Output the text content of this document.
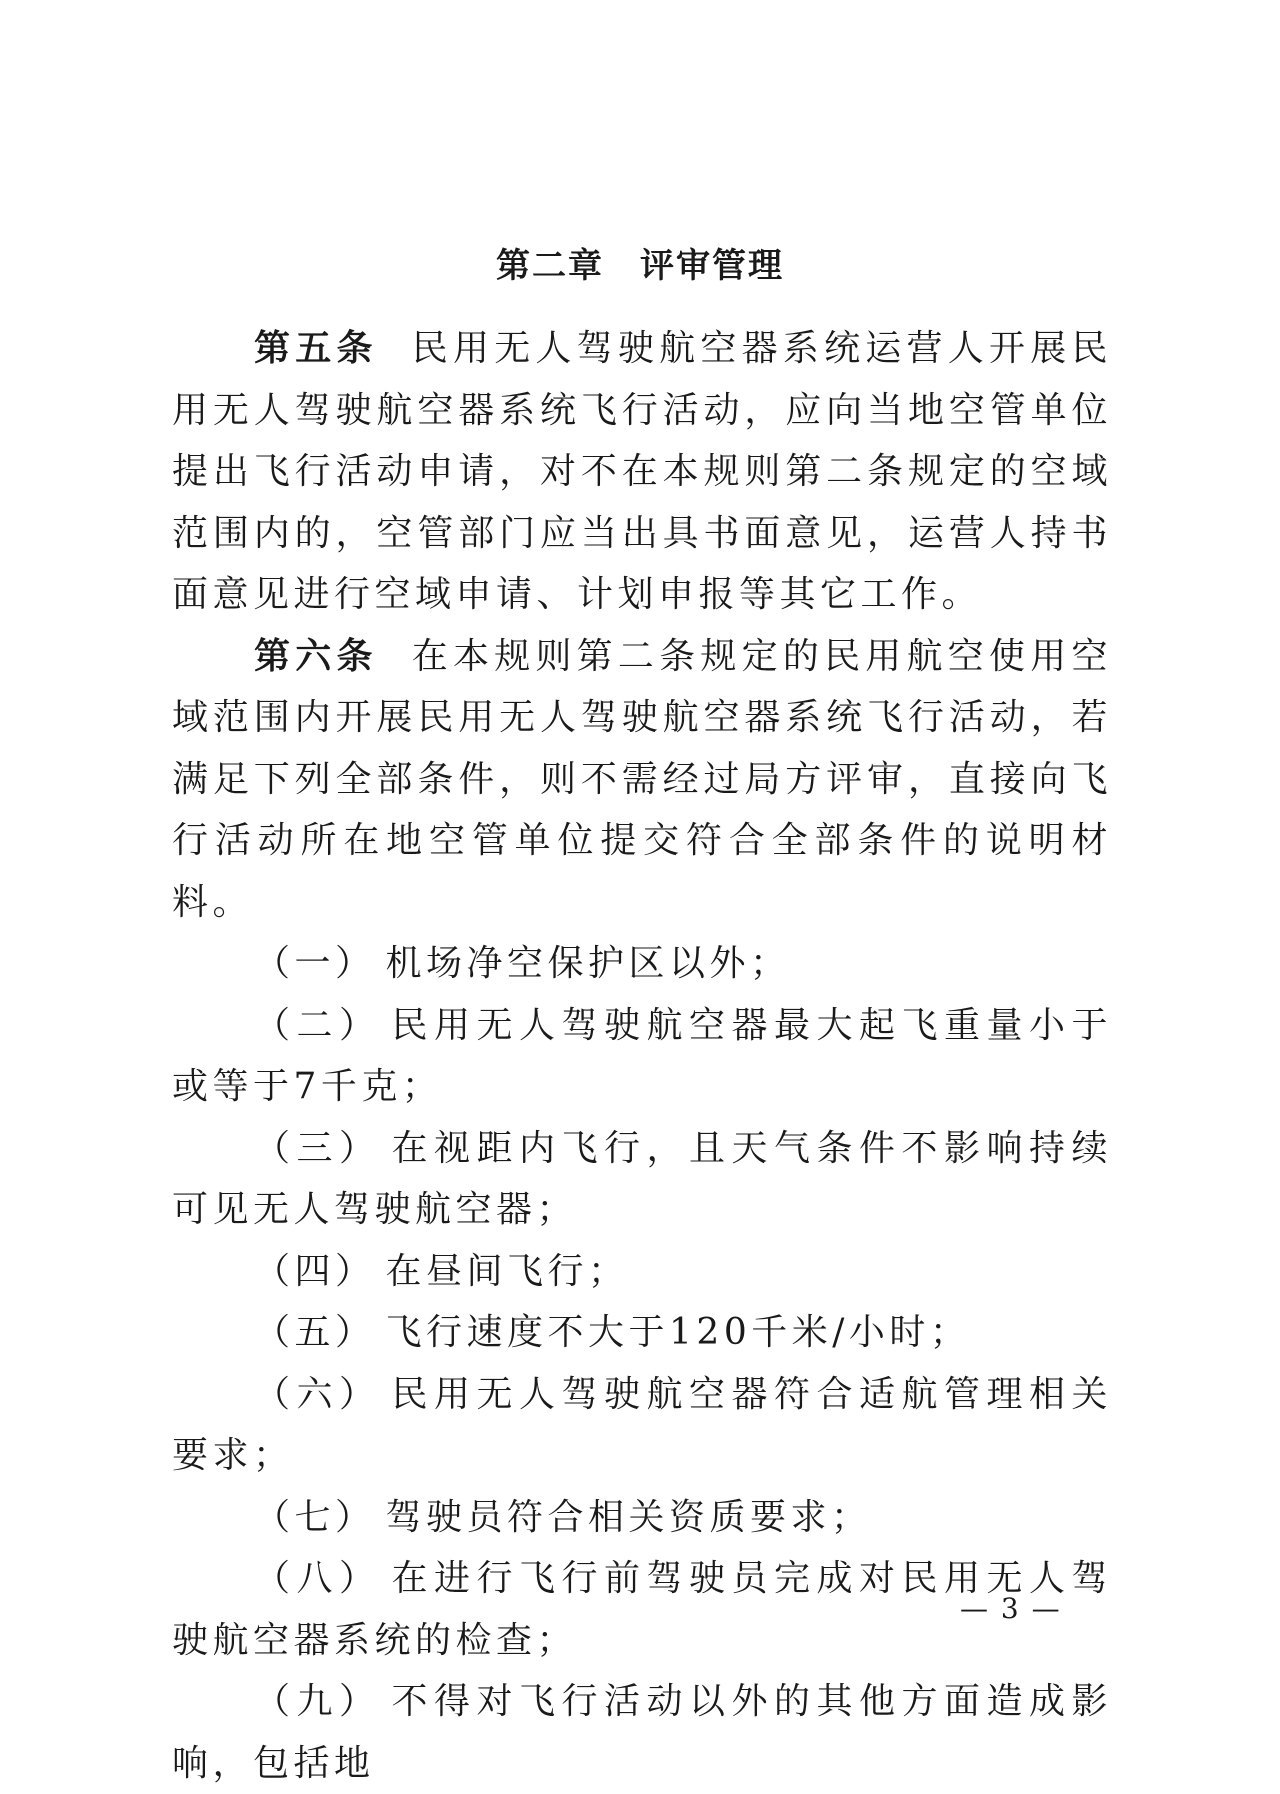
第二章 评审管理

第五条 民用无人驾驶航空器系统运营人开展民用无人驾驶航空器系统飞行活动，应向当地空管单位提出飞行活动申请，对不在本规则第二条规定的空域范围内的，空管部门应当出具书面意见，运营人持书面意见进行空域申请、计划申报等其它工作。

第六条 在本规则第二条规定的民用航空使用空域范围内开展民用无人驾驶航空器系统飞行活动，若满足下列全部条件，则不需经过局方评审，直接向飞行活动所在地空管单位提交符合全部条件的说明材料。

（一） 机场净空保护区以外；

（二） 民用无人驾驶航空器最大起飞重量小于或等于7千克；

（三） 在视距内飞行，且天气条件不影响持续可见无人驾驶航空器；

（四） 在昼间飞行；

（五） 飞行速度不大于120千米/小时；

（六） 民用无人驾驶航空器符合适航管理相关要求；

（七） 驾驶员符合相关资质要求；

（八） 在进行飞行前驾驶员完成对民用无人驾驶航空器系统的检查；

（九） 不得对飞行活动以外的其他方面造成影响，包括地

— 3 —
